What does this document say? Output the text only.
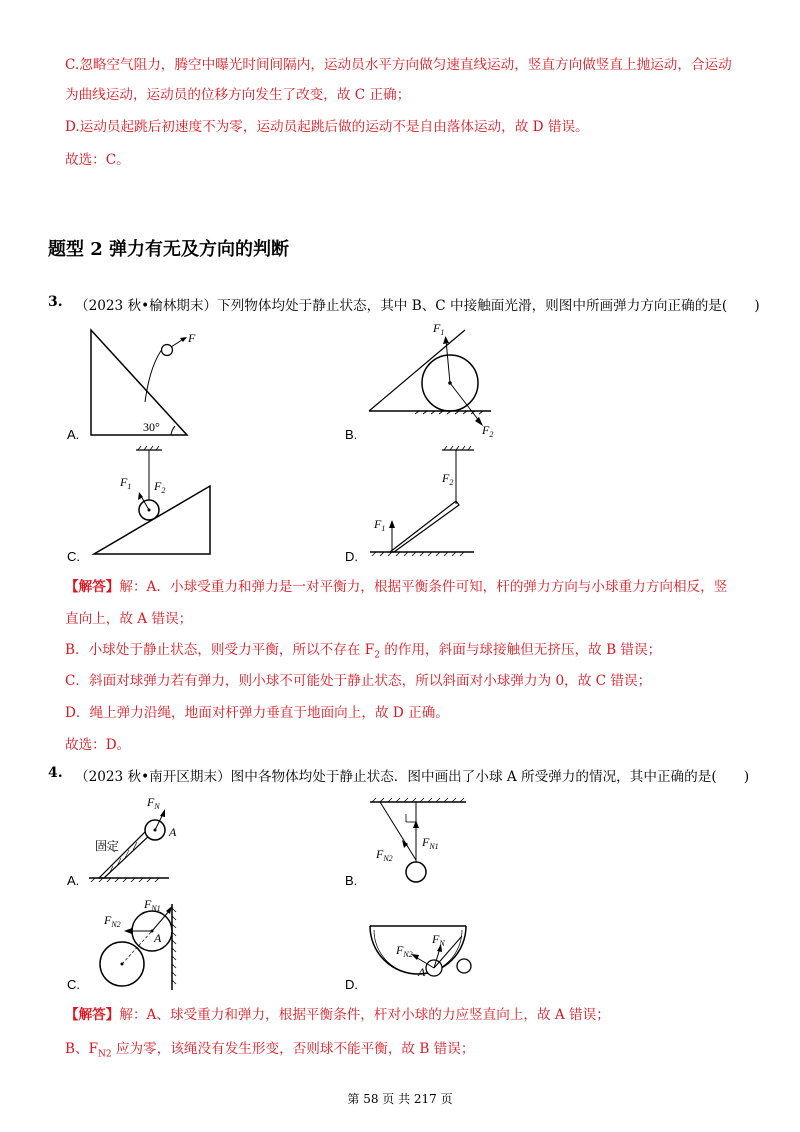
C.忽略空气阻力，腾空中曝光时间间隔内，运动员水平方向做匀速直线运动，竖直方向做竖直上抛运动，合运动
为曲线运动，运动员的位移方向发生了改变，故 C 正确；
D.运动员起跳后初速度不为零，运动员起跳后做的运动不是自由落体运动，故 D 错误。
故选：C。
题型 2 弹力有无及方向的判断
3. （2023 秋•榆林期末）下列物体均处于静止状态，其中 B、C 中接触面光滑，则图中所画弹力方向正确的是(　　)
F
30°
A.
$F_1$
$F_2$
B.
$F_1$ $F_2$
C.
$F_1$
$F_2$
D.
【解答】解：A．小球受重力和弹力是一对平衡力，根据平衡条件可知，杆的弹力方向与小球重力方向相反，竖
直向上，故 A 错误；
B．小球处于静止状态，则受力平衡，所以不存在 $F_2$ 的作用，斜面与球接触但无挤压，故 B 错误；
C．斜面对球弹力若有弹力，则小球不可能处于静止状态，所以斜面对小球弹力为 0，故 C 错误；
D．绳上弹力沿绳，地面对杆弹力垂直于地面向上，故 D 正确。
故选：D。
4. （2023 秋•南开区期末）图中各物体均处于静止状态．图中画出了小球 A 所受弹力的情况，其中正确的是(　　)
固定
A
$F_N$
A.
$F_{N1}$
$F_{N2}$
B.
$F_{N1}$
$F_{N2}$
A
C.
$F_N$
$F_{N2}$
A
D.
【解答】解：A、球受重力和弹力，根据平衡条件，杆对小球的力应竖直向上，故 A 错误；
B、$F_{N2}$ 应为零，该绳没有发生形变，否则球不能平衡，故 B 错误；
第 58 页 共 217 页
